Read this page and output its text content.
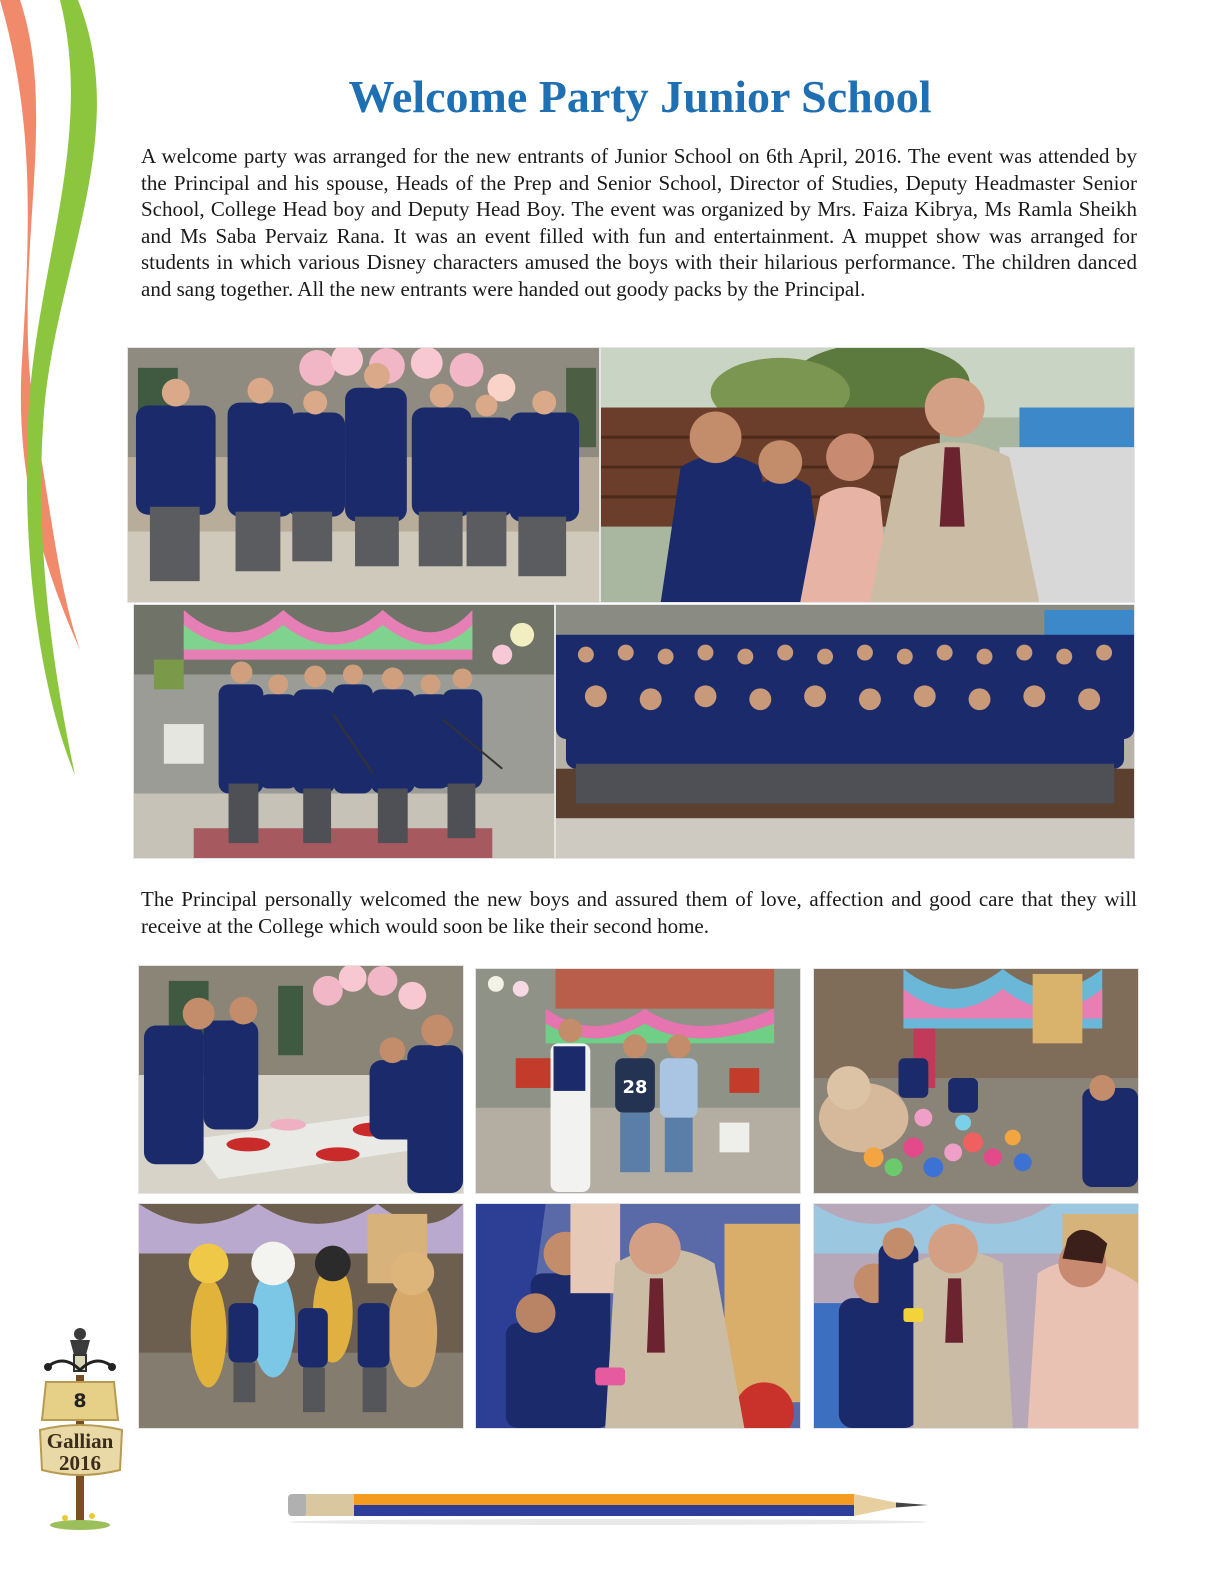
Welcome Party Junior School

A welcome party was arranged for the new entrants of Junior School on 6th April, 2016. The event was attended by the Principal and his spouse, Heads of the Prep and Senior School, Director of Studies, Deputy Headmaster Senior School, College Head boy and Deputy Head Boy. The event was organized by Mrs. Faiza Kibrya, Ms Ramla Sheikh and Ms Saba Pervaiz Rana. It was an event filled with fun and entertainment. A muppet show was arranged for students in which various Disney characters amused the boys with their hilarious performance. The children danced and sang together. All the new entrants were handed out goody packs by the Principal.

The Principal personally welcomed the new boys and assured them of love, affection and good care that they will receive at the College which would soon be like their second home.

28
8
Gallian
2016
